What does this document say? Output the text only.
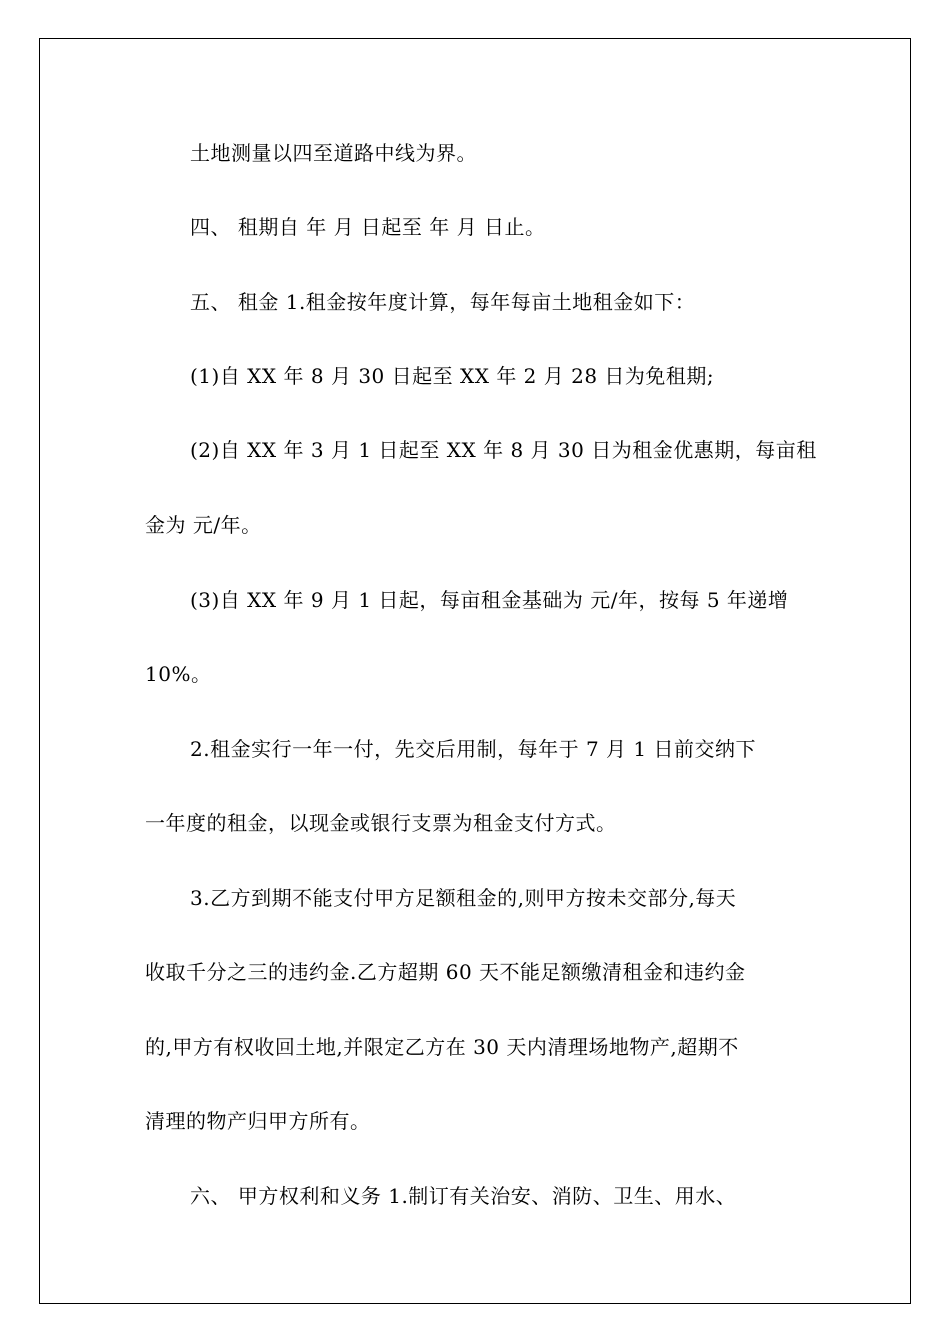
土地测量以四至道路中线为界。
四、 租期自 年 月 日起至 年 月 日止。
五、 租金 1.租金按年度计算，每年每亩土地租金如下：
(1)自 XX 年 8 月 30 日起至 XX 年 2 月 28 日为免租期;
(2)自 XX 年 3 月 1 日起至 XX 年 8 月 30 日为租金优惠期，每亩租
金为 元/年。
(3)自 XX 年 9 月 1 日起，每亩租金基础为 元/年，按每 5 年递增
10%。
2.租金实行一年一付，先交后用制，每年于 7 月 1 日前交纳下
一年度的租金，以现金或银行支票为租金支付方式。
3.乙方到期不能支付甲方足额租金的,则甲方按未交部分,每天
收取千分之三的违约金.乙方超期 60 天不能足额缴清租金和违约金
的,甲方有权收回土地,并限定乙方在 30 天内清理场地物产,超期不
清理的物产归甲方所有。
六、 甲方权利和义务 1.制订有关治安、消防、卫生、用水、
